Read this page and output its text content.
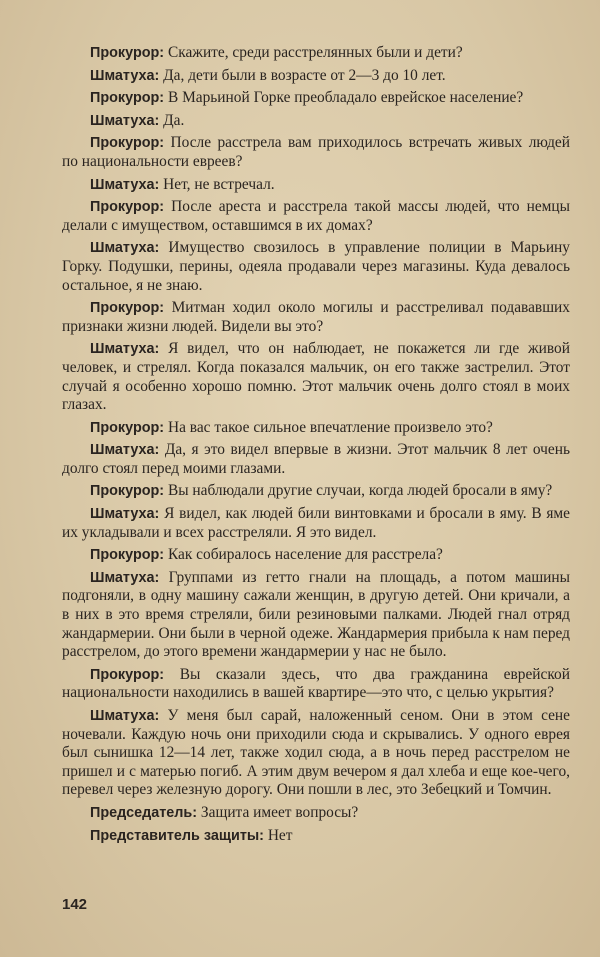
Прокурор: Скажите, среди расстрелянных были и дети?

Шматуха: Да, дети были в возрасте от 2—3 до 10 лет.

Прокурор: В Марьиной Горке преобладало еврейское население?

Шматуха: Да.

Прокурор: После расстрела вам приходилось встречать живых людей по национальности евреев?

Шматуха: Нет, не встречал.

Прокурор: После ареста и расстрела такой массы людей, что немцы делали с имуществом, оставшимся в их домах?

Шматуха: Имущество свозилось в управление полиции в Марьину Горку. Подушки, перины, одеяла продавали через магазины. Куда девалось остальное, я не знаю.

Прокурор: Митман ходил около могилы и расстреливал подававших признаки жизни людей. Видели вы это?

Шматуха: Я видел, что он наблюдает, не покажется ли где живой человек, и стрелял. Когда показался мальчик, он его также застрелил. Этот случай я особенно хорошо помню. Этот мальчик очень долго стоял в моих глазах.

Прокурор: На вас такое сильное впечатление произвело это?

Шматуха: Да, я это видел впервые в жизни. Этот мальчик 8 лет очень долго стоял перед моими глазами.

Прокурор: Вы наблюдали другие случаи, когда людей бросали в яму?

Шматуха: Я видел, как людей били винтовками и бросали в яму. В яме их укладывали и всех расстреляли. Я это видел.

Прокурор: Как собиралось население для расстрела?

Шматуха: Группами из гетто гнали на площадь, а потом машины подгоняли, в одну машину сажали женщин, в другую детей. Они кричали, а в них в это время стреляли, били резиновыми палками. Людей гнал отряд жандармерии. Они были в черной одеже. Жандармерия прибыла к нам перед расстрелом, до этого времени жандармерии у нас не было.

Прокурор: Вы сказали здесь, что два гражданина еврейской национальности находились в вашей квартире—это что, с целью укрытия?

Шматуха: У меня был сарай, наложенный сеном. Они в этом сене ночевали. Каждую ночь они приходили сюда и скрывались. У одного еврея был сынишка 12—14 лет, также ходил сюда, а в ночь перед расстрелом не пришел и с матерью погиб. А этим двум вечером я дал хлеба и еще кое-чего, перевел через железную дорогу. Они пошли в лес, это Зебецкий и Томчин.

Председатель: Защита имеет вопросы?

Представитель защиты: Нет

142
